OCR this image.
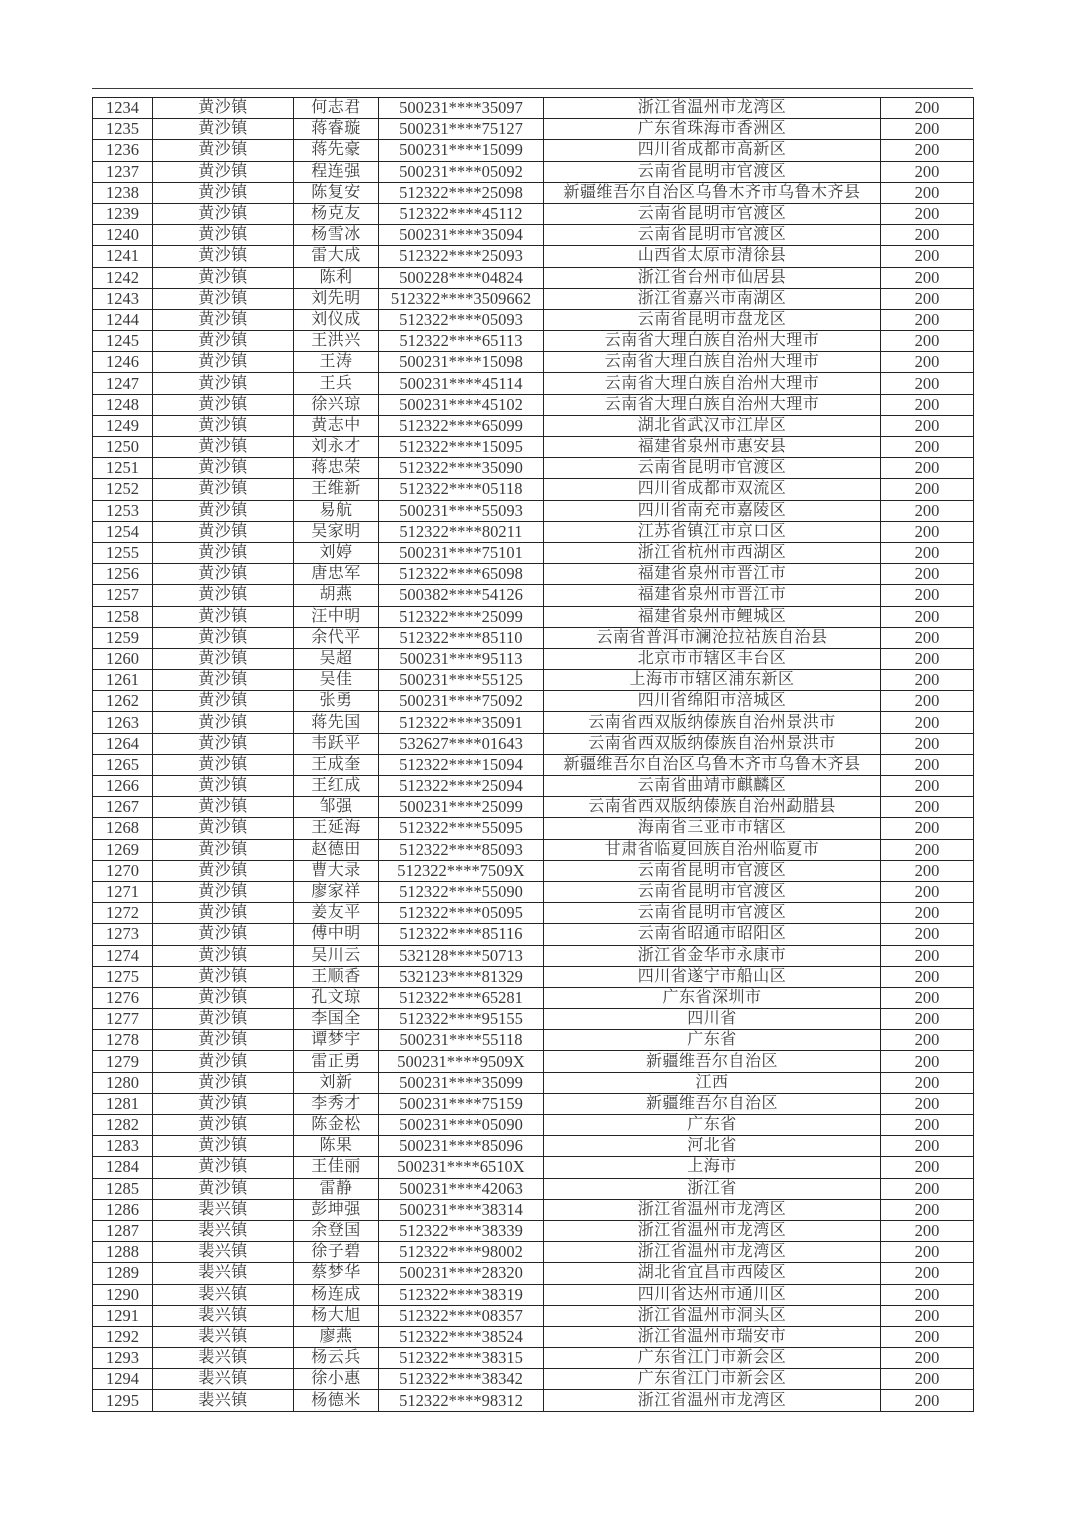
1234	黄沙镇	何志君	500231****35097	浙江省温州市龙湾区	200
1235	黄沙镇	蒋睿璇	500231****75127	广东省珠海市香洲区	200
1236	黄沙镇	蒋先豪	500231****15099	四川省成都市高新区	200
1237	黄沙镇	程连强	500231****05092	云南省昆明市官渡区	200
1238	黄沙镇	陈复安	512322****25098	新疆维吾尔自治区乌鲁木齐市乌鲁木齐县	200
1239	黄沙镇	杨克友	512322****45112	云南省昆明市官渡区	200
1240	黄沙镇	杨雪冰	500231****35094	云南省昆明市官渡区	200
1241	黄沙镇	雷大成	512322****25093	山西省太原市清徐县	200
1242	黄沙镇	陈利	500228****04824	浙江省台州市仙居县	200
1243	黄沙镇	刘先明	512322****3509662	浙江省嘉兴市南湖区	200
1244	黄沙镇	刘仪成	512322****05093	云南省昆明市盘龙区	200
1245	黄沙镇	王洪兴	512322****65113	云南省大理白族自治州大理市	200
1246	黄沙镇	王涛	500231****15098	云南省大理白族自治州大理市	200
1247	黄沙镇	王兵	500231****45114	云南省大理白族自治州大理市	200
1248	黄沙镇	徐兴琼	500231****45102	云南省大理白族自治州大理市	200
1249	黄沙镇	黄志中	512322****65099	湖北省武汉市江岸区	200
1250	黄沙镇	刘永才	512322****15095	福建省泉州市惠安县	200
1251	黄沙镇	蒋忠荣	512322****35090	云南省昆明市官渡区	200
1252	黄沙镇	王维新	512322****05118	四川省成都市双流区	200
1253	黄沙镇	易航	500231****55093	四川省南充市嘉陵区	200
1254	黄沙镇	吴家明	512322****80211	江苏省镇江市京口区	200
1255	黄沙镇	刘婷	500231****75101	浙江省杭州市西湖区	200
1256	黄沙镇	唐忠军	512322****65098	福建省泉州市晋江市	200
1257	黄沙镇	胡燕	500382****54126	福建省泉州市晋江市	200
1258	黄沙镇	汪中明	512322****25099	福建省泉州市鲤城区	200
1259	黄沙镇	余代平	512322****85110	云南省普洱市澜沧拉祜族自治县	200
1260	黄沙镇	吴超	500231****95113	北京市市辖区丰台区	200
1261	黄沙镇	吴佳	500231****55125	上海市市辖区浦东新区	200
1262	黄沙镇	张勇	500231****75092	四川省绵阳市涪城区	200
1263	黄沙镇	蒋先国	512322****35091	云南省西双版纳傣族自治州景洪市	200
1264	黄沙镇	韦跃平	532627****01643	云南省西双版纳傣族自治州景洪市	200
1265	黄沙镇	王成奎	512322****15094	新疆维吾尔自治区乌鲁木齐市乌鲁木齐县	200
1266	黄沙镇	王红成	512322****25094	云南省曲靖市麒麟区	200
1267	黄沙镇	邹强	500231****25099	云南省西双版纳傣族自治州勐腊县	200
1268	黄沙镇	王延海	512322****55095	海南省三亚市市辖区	200
1269	黄沙镇	赵德田	512322****85093	甘肃省临夏回族自治州临夏市	200
1270	黄沙镇	曹大录	512322****7509X	云南省昆明市官渡区	200
1271	黄沙镇	廖家祥	512322****55090	云南省昆明市官渡区	200
1272	黄沙镇	姜友平	512322****05095	云南省昆明市官渡区	200
1273	黄沙镇	傅中明	512322****85116	云南省昭通市昭阳区	200
1274	黄沙镇	吴川云	532128****50713	浙江省金华市永康市	200
1275	黄沙镇	王顺香	532123****81329	四川省遂宁市船山区	200
1276	黄沙镇	孔文琼	512322****65281	广东省深圳市	200
1277	黄沙镇	李国全	512322****95155	四川省	200
1278	黄沙镇	谭梦宇	500231****55118	广东省	200
1279	黄沙镇	雷正勇	500231****9509X	新疆维吾尔自治区	200
1280	黄沙镇	刘新	500231****35099	江西	200
1281	黄沙镇	李秀才	500231****75159	新疆维吾尔自治区	200
1282	黄沙镇	陈金松	500231****05090	广东省	200
1283	黄沙镇	陈果	500231****85096	河北省	200
1284	黄沙镇	王佳丽	500231****6510X	上海市	200
1285	黄沙镇	雷静	500231****42063	浙江省	200
1286	裴兴镇	彭坤强	500231****38314	浙江省温州市龙湾区	200
1287	裴兴镇	余登国	512322****38339	浙江省温州市龙湾区	200
1288	裴兴镇	徐子碧	512322****98002	浙江省温州市龙湾区	200
1289	裴兴镇	蔡梦华	500231****28320	湖北省宜昌市西陵区	200
1290	裴兴镇	杨连成	512322****38319	四川省达州市通川区	200
1291	裴兴镇	杨大旭	512322****08357	浙江省温州市洞头区	200
1292	裴兴镇	廖燕	512322****38524	浙江省温州市瑞安市	200
1293	裴兴镇	杨云兵	512322****38315	广东省江门市新会区	200
1294	裴兴镇	徐小惠	512322****38342	广东省江门市新会区	200
1295	裴兴镇	杨德米	512322****98312	浙江省温州市龙湾区	200
